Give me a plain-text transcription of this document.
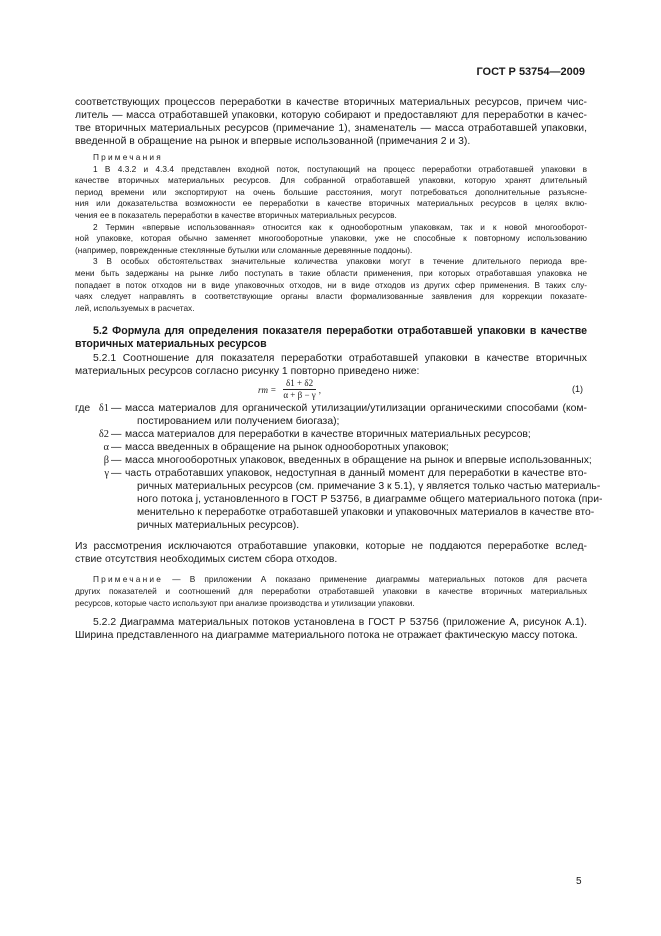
ГОСТ Р 53754—2009
соответствующих процессов переработки в качестве вторичных материальных ресурсов, причем чис-
литель — масса отработавшей упаковки, которую собирают и предоставляют для переработки в качес-
тве вторичных материальных ресурсов (примечание 1), знаменатель — масса отработавшей упаковки,
введенной в обращение на рынок и впервые использованной (примечания 2 и 3).
Примечания
1 В 4.3.2 и 4.3.4 представлен входной поток, поступающий на процесс переработки отработавшей упаковки в
качестве вторичных материальных ресурсов. Для собранной отработавшей упаковки, которую хранят длительный
период времени или экспортируют на очень большие расстояния, могут потребоваться дополнительные разъясне-
ния или доказательства возможности ее переработки в качестве вторичных материальных ресурсов в целях вклю-
чения ее в показатель переработки в качестве вторичных материальных ресурсов.
2 Термин «впервые использованная» относится как к однооборотным упаковкам, так и к новой многооборот-
ной упаковке, которая обычно заменяет многооборотные упаковки, уже не способные к повторному использованию
(например, поврежденные стеклянные бутылки или сломанные деревянные поддоны).
3 В особых обстоятельствах значительные количества упаковки могут в течение длительного периода вре-
мени быть задержаны на рынке либо поступать в такие области применения, при которых отработавшая упаковка не
попадает в поток отходов ни в виде упаковочных отходов, ни в виде отходов из других сфер применения. В таких слу-
чаях следует направлять в соответствующие органы власти формализованные заявления для коррекции показате-
лей, используемых в расчетах.
5.2 Формула для определения показателя переработки отработавшей упаковки в качестве
вторичных материальных ресурсов
5.2.1 Соотношение для показателя переработки отработавшей упаковки в качестве вторичных
материальных ресурсов согласно рисунку 1 повторно приведено ниже:
rm = $\frac{\delta 1 + \delta 2}{\alpha + \beta - \gamma}$ ,	(1)
где δ1 — масса материалов для органической утилизации/утилизации органическими способами (ком-
постированием или получением биогаза);
δ2 — масса материалов для переработки в качестве вторичных материальных ресурсов;
α — масса введенных в обращение на рынок однооборотных упаковок;
β — масса многооборотных упаковок, введенных в обращение на рынок и впервые использованных;
γ — часть отработавших упаковок, недоступная в данный момент для переработки в качестве вто-
ричных материальных ресурсов (см. примечание 3 к 5.1), γ является только частью материаль-
ного потока j, установленного в ГОСТ Р 53756, в диаграмме общего материального потока (при-
менительно к переработке отработавшей упаковки и упаковочных материалов в качестве вто-
ричных материальных ресурсов).
Из рассмотрения исключаются отработавшие упаковки, которые не поддаются переработке вслед-
ствие отсутствия необходимых систем сбора отходов.
Примечание — В приложении А показано применение диаграммы материальных потоков для расчета
других показателей и соотношений для переработки отработавшей упаковки в качестве вторичных материальных
ресурсов, которые часто используют при анализе производства и утилизации упаковки.
5.2.2 Диаграмма материальных потоков установлена в ГОСТ Р 53756 (приложение А, рисунок А.1).
Ширина представленного на диаграмме материального потока не отражает фактическую массу потока.
5
